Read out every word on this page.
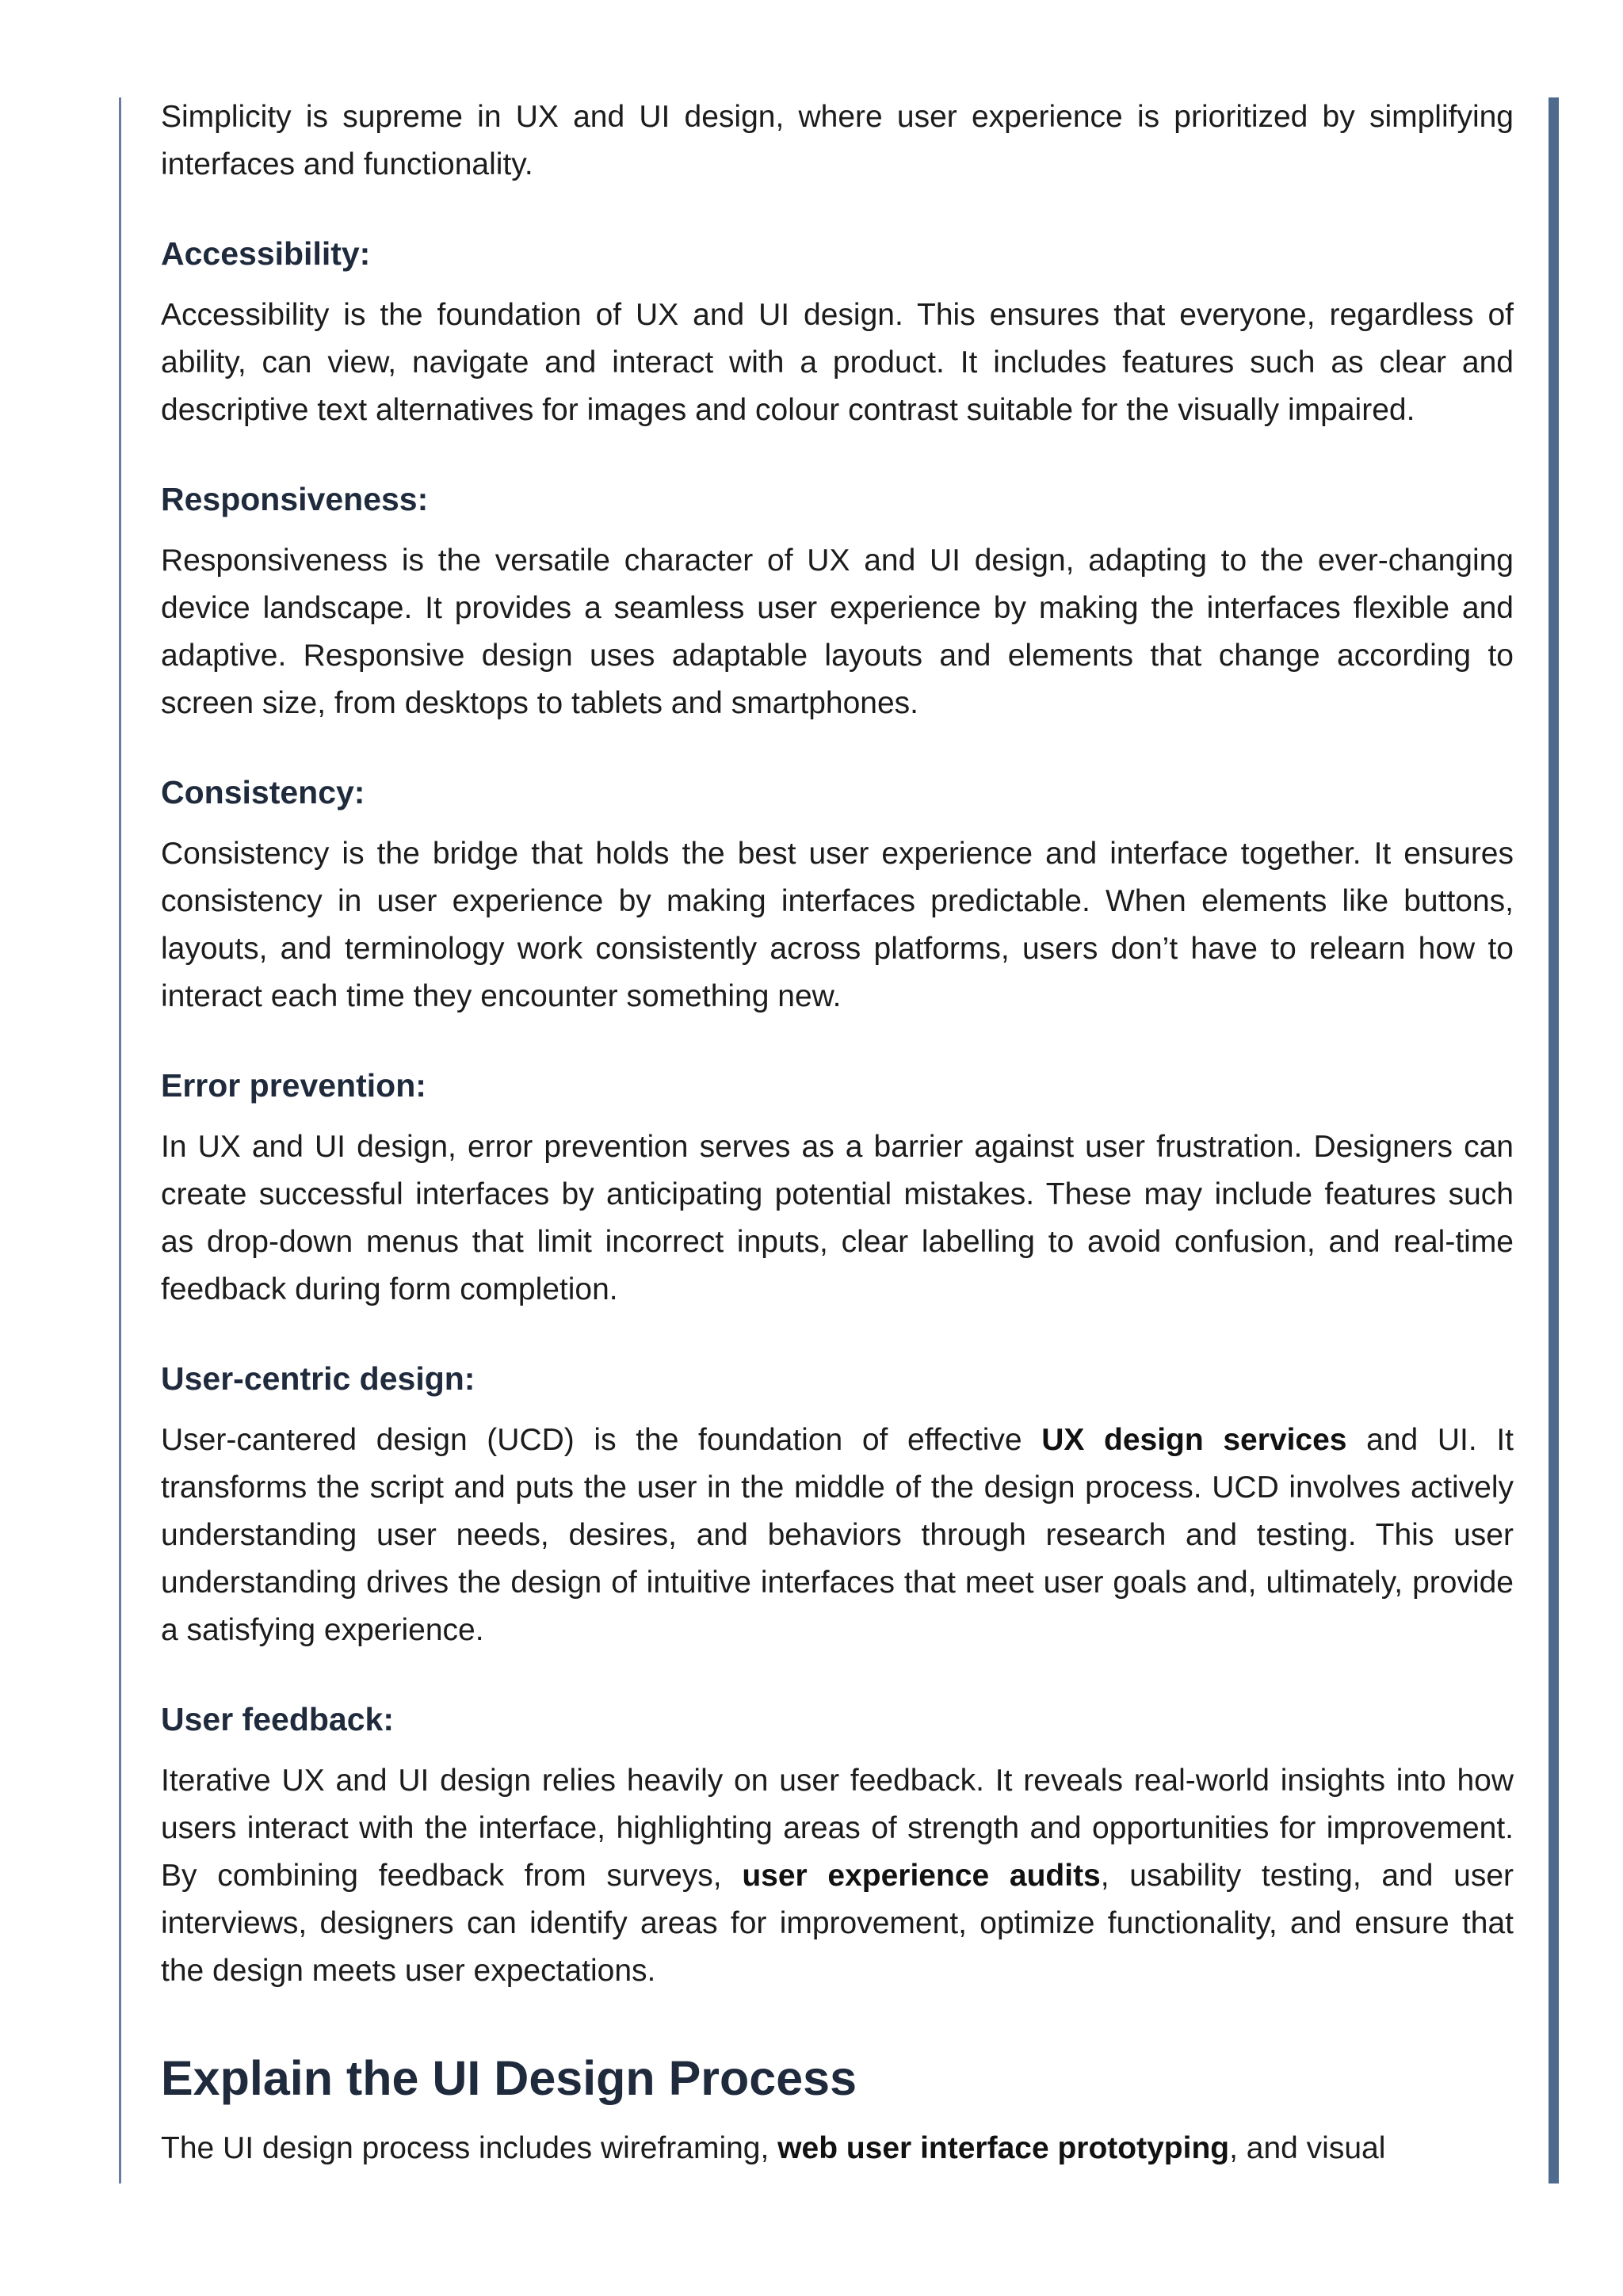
Simplicity is supreme in UX and UI design, where user experience is prioritized by simplifying interfaces and functionality.

Accessibility:

Accessibility is the foundation of UX and UI design. This ensures that everyone, regardless of ability, can view, navigate and interact with a product. It includes features such as clear and descriptive text alternatives for images and colour contrast suitable for the visually impaired.

Responsiveness:

Responsiveness is the versatile character of UX and UI design, adapting to the ever-changing device landscape. It provides a seamless user experience by making the interfaces flexible and adaptive. Responsive design uses adaptable layouts and elements that change according to screen size, from desktops to tablets and smartphones.

Consistency:

Consistency is the bridge that holds the best user experience and interface together. It ensures consistency in user experience by making interfaces predictable. When elements like buttons, layouts, and terminology work consistently across platforms, users don’t have to relearn how to interact each time they encounter something new.

Error prevention:

In UX and UI design, error prevention serves as a barrier against user frustration. Designers can create successful interfaces by anticipating potential mistakes. These may include features such as drop-down menus that limit incorrect inputs, clear labelling to avoid confusion, and real-time feedback during form completion.

User-centric design:

User-cantered design (UCD) is the foundation of effective UX design services and UI. It transforms the script and puts the user in the middle of the design process. UCD involves actively understanding user needs, desires, and behaviors through research and testing. This user understanding drives the design of intuitive interfaces that meet user goals and, ultimately, provide a satisfying experience.

User feedback:

Iterative UX and UI design relies heavily on user feedback. It reveals real-world insights into how users interact with the interface, highlighting areas of strength and opportunities for improvement. By combining feedback from surveys, user experience audits, usability testing, and user interviews, designers can identify areas for improvement, optimize functionality, and ensure that the design meets user expectations.

Explain the UI Design Process

The UI design process includes wireframing, web user interface prototyping, and visual
